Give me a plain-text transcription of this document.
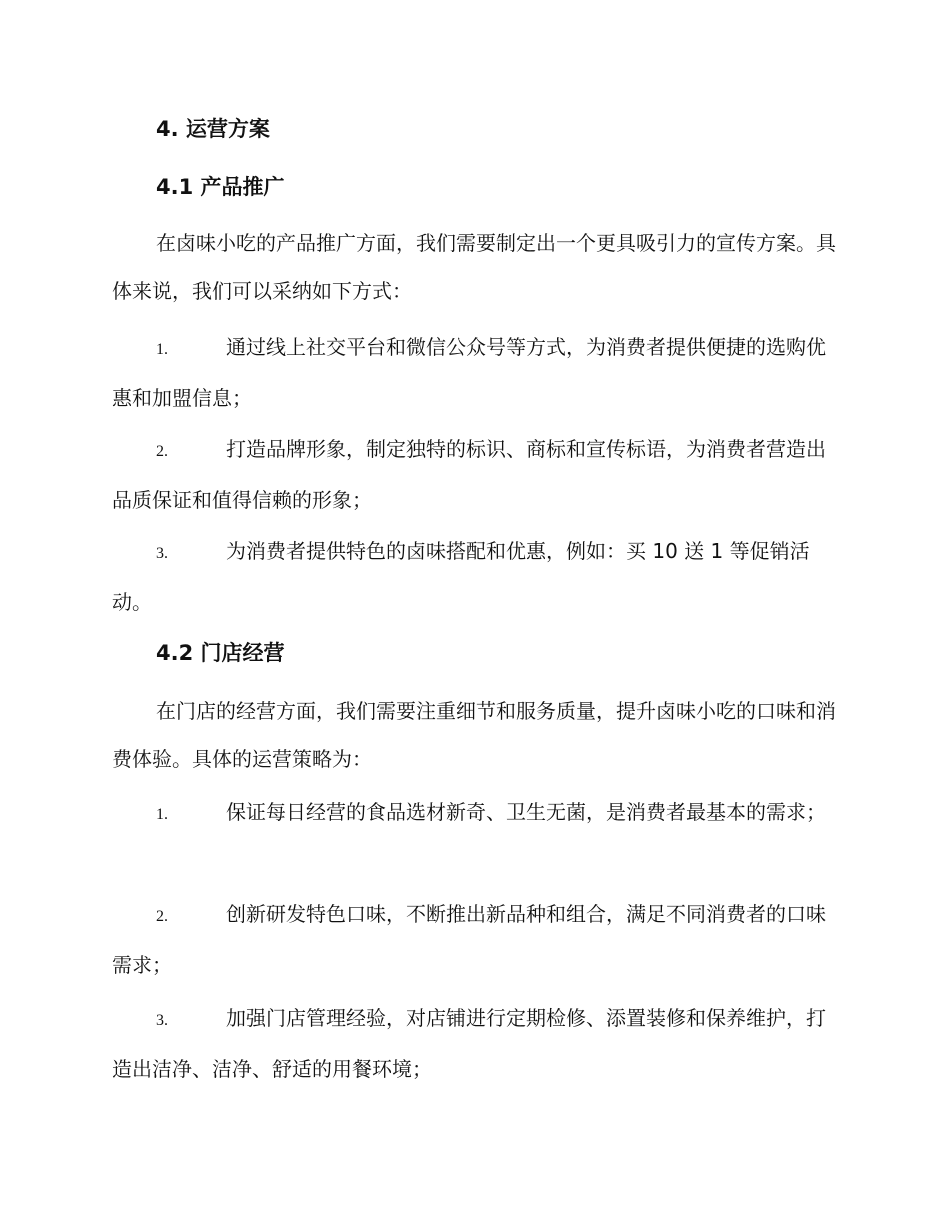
4. 运营方案
4.1 产品推广
在卤味小吃的产品推广方面，我们需要制定出一个更具吸引力的宣传方案。具体来说，我们可以采纳如下方式：
1.	通过线上社交平台和微信公众号等方式，为消费者提供便捷的选购优惠和加盟信息；
2.	打造品牌形象，制定独特的标识、商标和宣传标语，为消费者营造出品质保证和值得信赖的形象；
3.	为消费者提供特色的卤味搭配和优惠，例如：买 10 送 1 等促销活动。
4.2 门店经营
在门店的经营方面，我们需要注重细节和服务质量，提升卤味小吃的口味和消费体验。具体的运营策略为：
1.	保证每日经营的食品选材新奇、卫生无菌，是消费者最基本的需求；
2.	创新研发特色口味，不断推出新品种和组合，满足不同消费者的口味需求；
3.	加强门店管理经验，对店铺进行定期检修、添置装修和保养维护，打造出洁净、洁净、舒适的用餐环境；
